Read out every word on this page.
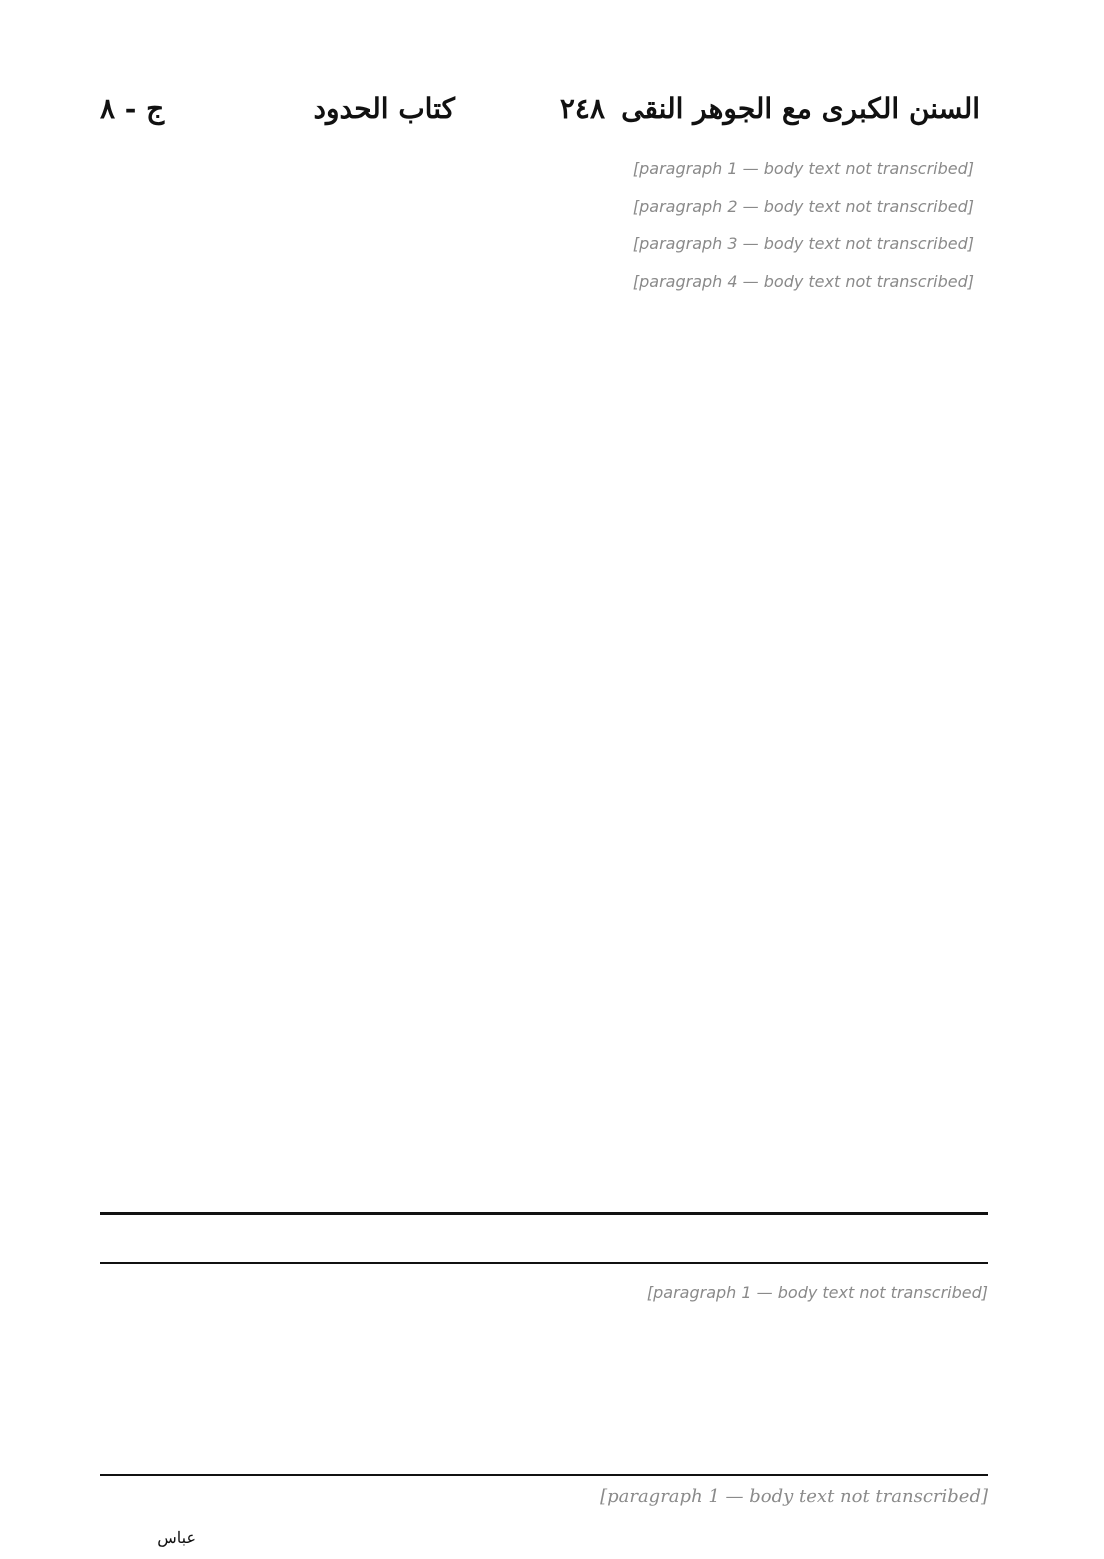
السنن الكبرى مع الجوهر النقى
٢٤٨
كتاب الحدود
ج - ٨

[paragraph 1 — body text not transcribed]

[paragraph 2 — body text not transcribed]

[paragraph 3 — body text not transcribed]

[paragraph 4 — body text not transcribed]

[paragraph 1 — body text not transcribed]

[paragraph 1 — body text not transcribed]
عباس
